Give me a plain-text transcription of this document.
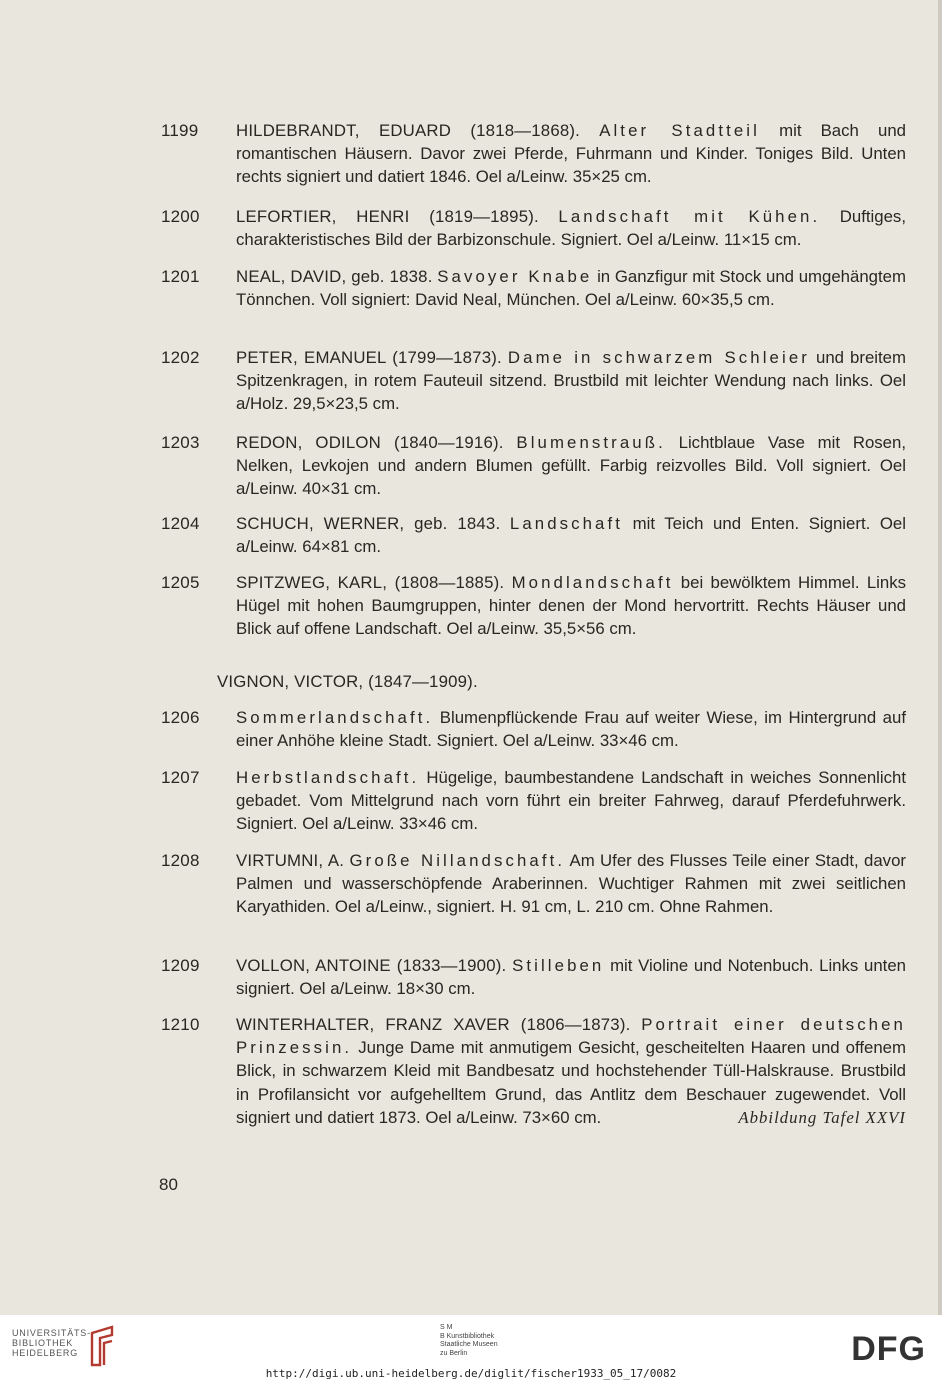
1199 HILDEBRANDT, EDUARD (1818—1868). Alter Stadtteil mit Bach und romantischen Häusern. Davor zwei Pferde, Fuhrmann und Kinder. Toniges Bild. Unten rechts signiert und datiert 1846. Oel a/Leinw. 35×25 cm.
1200 LEFORTIER, HENRI (1819—1895). Landschaft mit Kühen. Duftiges, charakteristisches Bild der Barbizonschule. Signiert. Oel a/Leinw. 11×15 cm.
1201 NEAL, DAVID, geb. 1838. Savoyer Knabe in Ganzfigur mit Stock und umgehängtem Tönnchen. Voll signiert: David Neal, München. Oel a/Leinw. 60×35,5 cm.
1202 PETER, EMANUEL (1799—1873). Dame in schwarzem Schleier und breitem Spitzenkragen, in rotem Fauteuil sitzend. Brustbild mit leichter Wendung nach links. Oel a/Holz. 29,5×23,5 cm.
1203 REDON, ODILON (1840—1916). Blumenstrauß. Lichtblaue Vase mit Rosen, Nelken, Levkojen und andern Blumen gefüllt. Farbig reizvolles Bild. Voll signiert. Oel a/Leinw. 40×31 cm.
1204 SCHUCH, WERNER, geb. 1843. Landschaft mit Teich und Enten. Signiert. Oel a/Leinw. 64×81 cm.
1205 SPITZWEG, KARL, (1808—1885). Mondlandschaft bei bewölktem Himmel. Links Hügel mit hohen Baumgruppen, hinter denen der Mond hervortritt. Rechts Häuser und Blick auf offene Landschaft. Oel a/Leinw. 35,5×56 cm.
VIGNON, VICTOR, (1847—1909).
1206 Sommerlandschaft. Blumenpflückende Frau auf weiter Wiese, im Hintergrund auf einer Anhöhe kleine Stadt. Signiert. Oel a/Leinw. 33×46 cm.
1207 Herbstlandschaft. Hügelige, baumbestandene Landschaft in weiches Sonnenlicht gebadet. Vom Mittelgrund nach vorn führt ein breiter Fahrweg, darauf Pferdefuhrwerk. Signiert. Oel a/Leinw. 33×46 cm.
1208 VIRTUMNI, A. Große Nillandschaft. Am Ufer des Flusses Teile einer Stadt, davor Palmen und wasserschöpfende Araberinnen. Wuchtiger Rahmen mit zwei seitlichen Karyathiden. Oel a/Leinw., signiert. H. 91 cm, L. 210 cm. Ohne Rahmen.
1209 VOLLON, ANTOINE (1833—1900). Stilleben mit Violine und Notenbuch. Links unten signiert. Oel a/Leinw. 18×30 cm.
1210 WINTERHALTER, FRANZ XAVER (1806—1873). Portrait einer deutschen Prinzessin. Junge Dame mit anmutigem Gesicht, gescheitelten Haaren und offenem Blick, in schwarzem Kleid mit Bandbesatz und hochstehender Tüll-Halskrause. Brustbild in Profilansicht vor aufgehelltem Grund, das Antlitz dem Beschauer zugewendet. Voll signiert und datiert 1873. Oel a/Leinw. 73×60 cm.	Abbildung Tafel XXVI
80
UNIVERSITÄTS-
BIBLIOTHEK
HEIDELBERG
S M
B Kunstbibliothek
Staatliche Museen
zu Berlin	DFG
http://digi.ub.uni-heidelberg.de/diglit/fischer1933_05_17/0082
